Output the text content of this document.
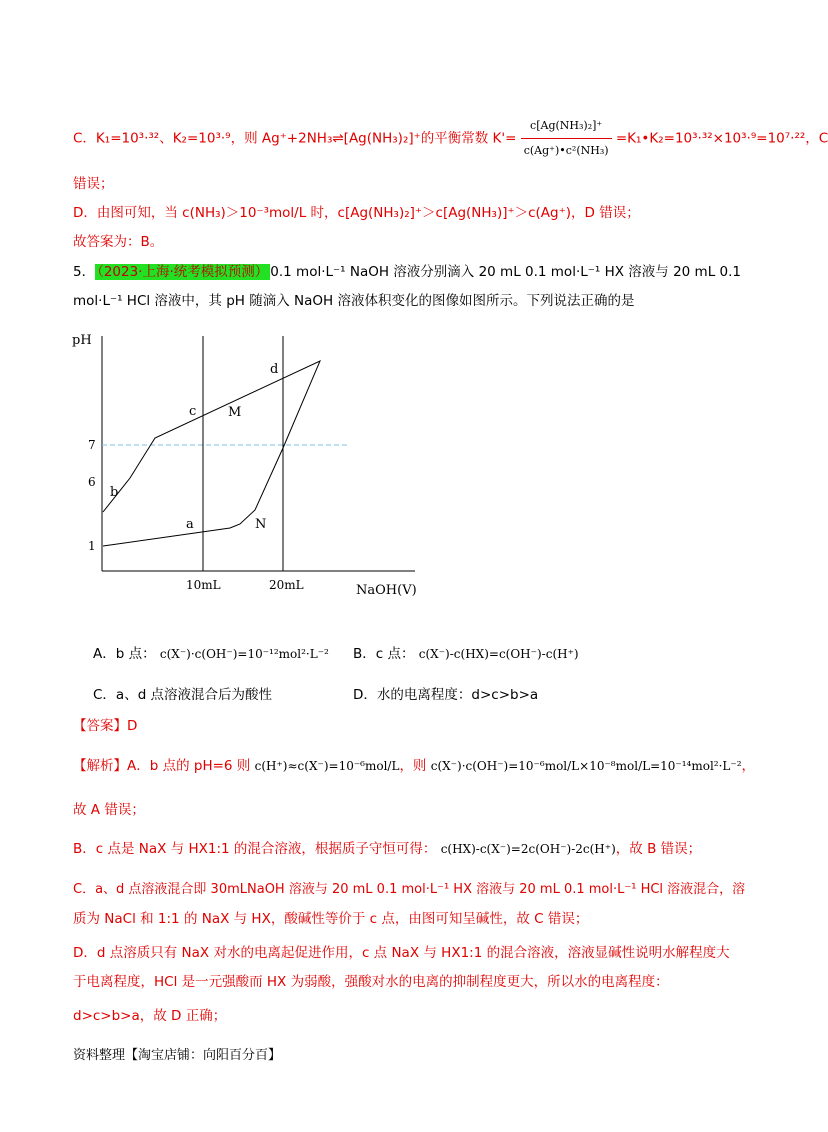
C．K₁=10³·³²、K₂=10³·⁹，则 Ag⁺+2NH₃⇌[Ag(NH₃)₂]⁺的平衡常数 $K'= \frac{\text{c[Ag(NH₃)₂]⁺}}{\text{c(Ag⁺)•c²(NH₃)}}$ =K₁•K₂=10³·³²×10³·⁹=10⁷·²²，C
错误；
D．由图可知，当 c(NH₃)＞10⁻³mol/L 时，c[Ag(NH₃)₂]⁺＞c[Ag(NH₃)]⁺＞c(Ag⁺)，D 错误；
故答案为：B。
5． （2023·上海·统考模拟预测） 0.1 mol·L⁻¹ NaOH 溶液分别滴入 20 mL 0.1 mol·L⁻¹ HX 溶液与 20 mL 0.1
mol·L⁻¹ HCl 溶液中，其 pH 随滴入 NaOH 溶液体积变化的图像如图所示。下列说法正确的是
pH
NaOH(V)
1
6
7
10mL	20mL
a
b
c
d
M
N
A．b 点： c(X⁻)·c(OH⁻)=10⁻¹²mol²·L⁻² B．c 点： c(X⁻)-c(HX)=c(OH⁻)-c(H⁺)
C．a、d 点溶液混合后为酸性	D．水的电离程度：d>c>b>a
【答案】D
【解析】A．b 点的 pH=6 则 c(H⁺)≈c(X⁻)=10⁻⁶mol/L，则 c(X⁻)·c(OH⁻)=10⁻⁶mol/L×10⁻⁸mol/L=10⁻¹⁴mol²·L⁻²，
故 A 错误；
B．c 点是 NaX 与 HX1:1 的混合溶液，根据质子守恒可得： c(HX)-c(X⁻)=2c(OH⁻)-2c(H⁺)，故 B 错误；
C．a、d 点溶液混合即 30mLNaOH 溶液与 20 mL 0.1 mol·L⁻¹ HX 溶液与 20 mL 0.1 mol·L⁻¹ HCl 溶液混合，溶
质为 NaCl 和 1:1 的 NaX 与 HX，酸碱性等价于 c 点，由图可知呈碱性，故 C 错误；
D．d 点溶质只有 NaX 对水的电离起促进作用，c 点 NaX 与 HX1:1 的混合溶液，溶液显碱性说明水解程度大
于电离程度，HCl 是一元强酸而 HX 为弱酸，强酸对水的电离的抑制程度更大，所以水的电离程度：
d>c>b>a，故 D 正确；
资料整理【淘宝店铺：向阳百分百】
